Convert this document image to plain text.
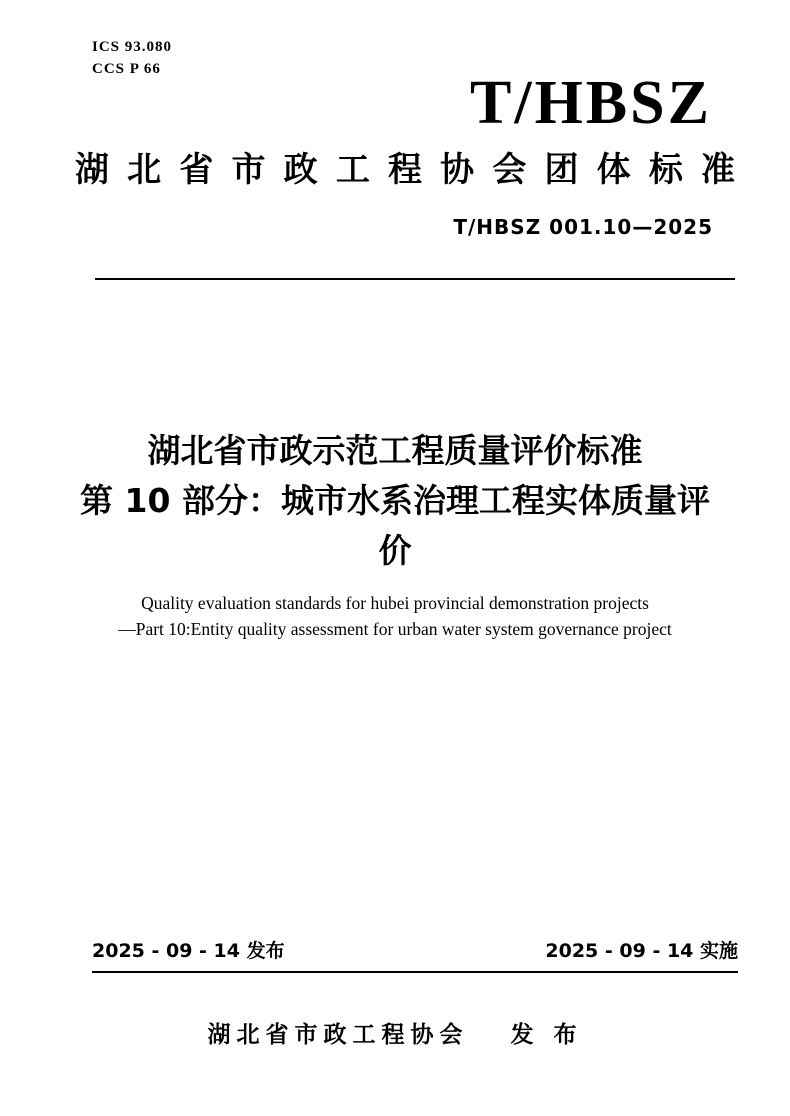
ICS 93.080
CCS P 66	T/HBSZ
湖北省市政工程协会团体标准
T/HBSZ 001.10—2025
湖北省市政示范工程质量评价标准
第 10 部分：城市水系治理工程实体质量评
价
Quality evaluation standards for hubei provincial demonstration projects
—Part 10:Entity quality assessment for urban water system governance project
2025 - 09 - 14 发布	2025 - 09 - 14 实施
湖北省市政工程协会 发 布
